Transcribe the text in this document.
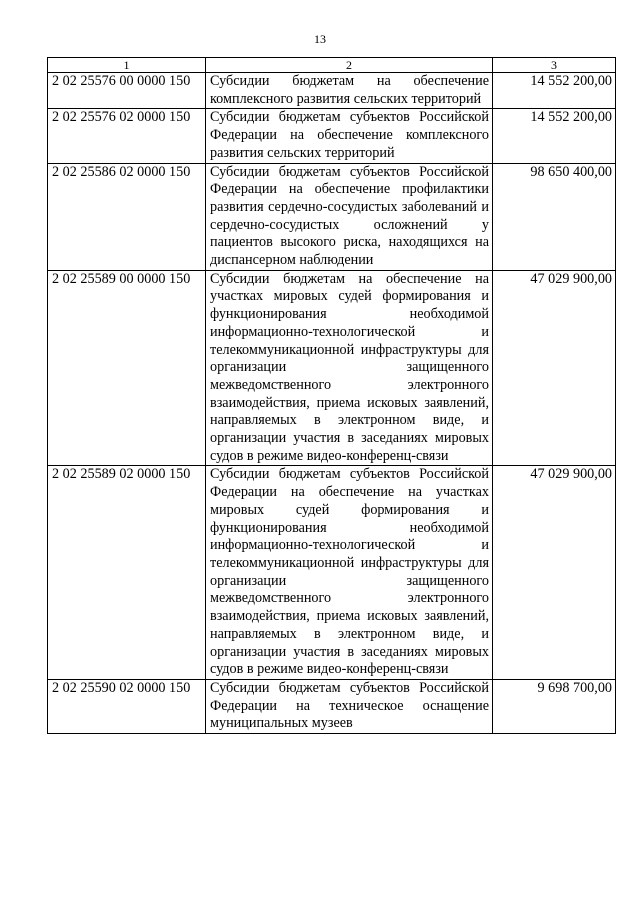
13
1	2	3
2 02 25576 00 0000 150	Субсидии бюджетам на обеспечение комплексного развития сельских территорий	14 552 200,00
2 02 25576 02 0000 150	Субсидии бюджетам субъектов Российской Федерации на обеспечение комплексного развития сельских территорий	14 552 200,00
2 02 25586 02 0000 150	Субсидии бюджетам субъектов Российской Федерации на обеспечение профилактики развития сердечно-сосудистых заболеваний и сердечно-сосудистых осложнений у пациентов высокого риска, находящихся на диспансерном наблюдении	98 650 400,00
2 02 25589 00 0000 150	Субсидии бюджетам на обеспечение на участках мировых судей формирования и функционирования необходимой информационно-технологической и телекоммуникационной инфраструктуры для организации защищенного межведомственного электронного взаимодействия, приема исковых заявлений, направляемых в электронном виде, и организации участия в заседаниях мировых судов в режиме видео-конференц-связи	47 029 900,00
2 02 25589 02 0000 150	Субсидии бюджетам субъектов Российской Федерации на обеспечение на участках мировых судей формирования и функционирования необходимой информационно-технологической и телекоммуникационной инфраструктуры для организации защищенного межведомственного электронного взаимодействия, приема исковых заявлений, направляемых в электронном виде, и организации участия в заседаниях мировых судов в режиме видео-конференц-связи	47 029 900,00
2 02 25590 02 0000 150	Субсидии бюджетам субъектов Российской Федерации на техническое оснащение муниципальных музеев	9 698 700,00
